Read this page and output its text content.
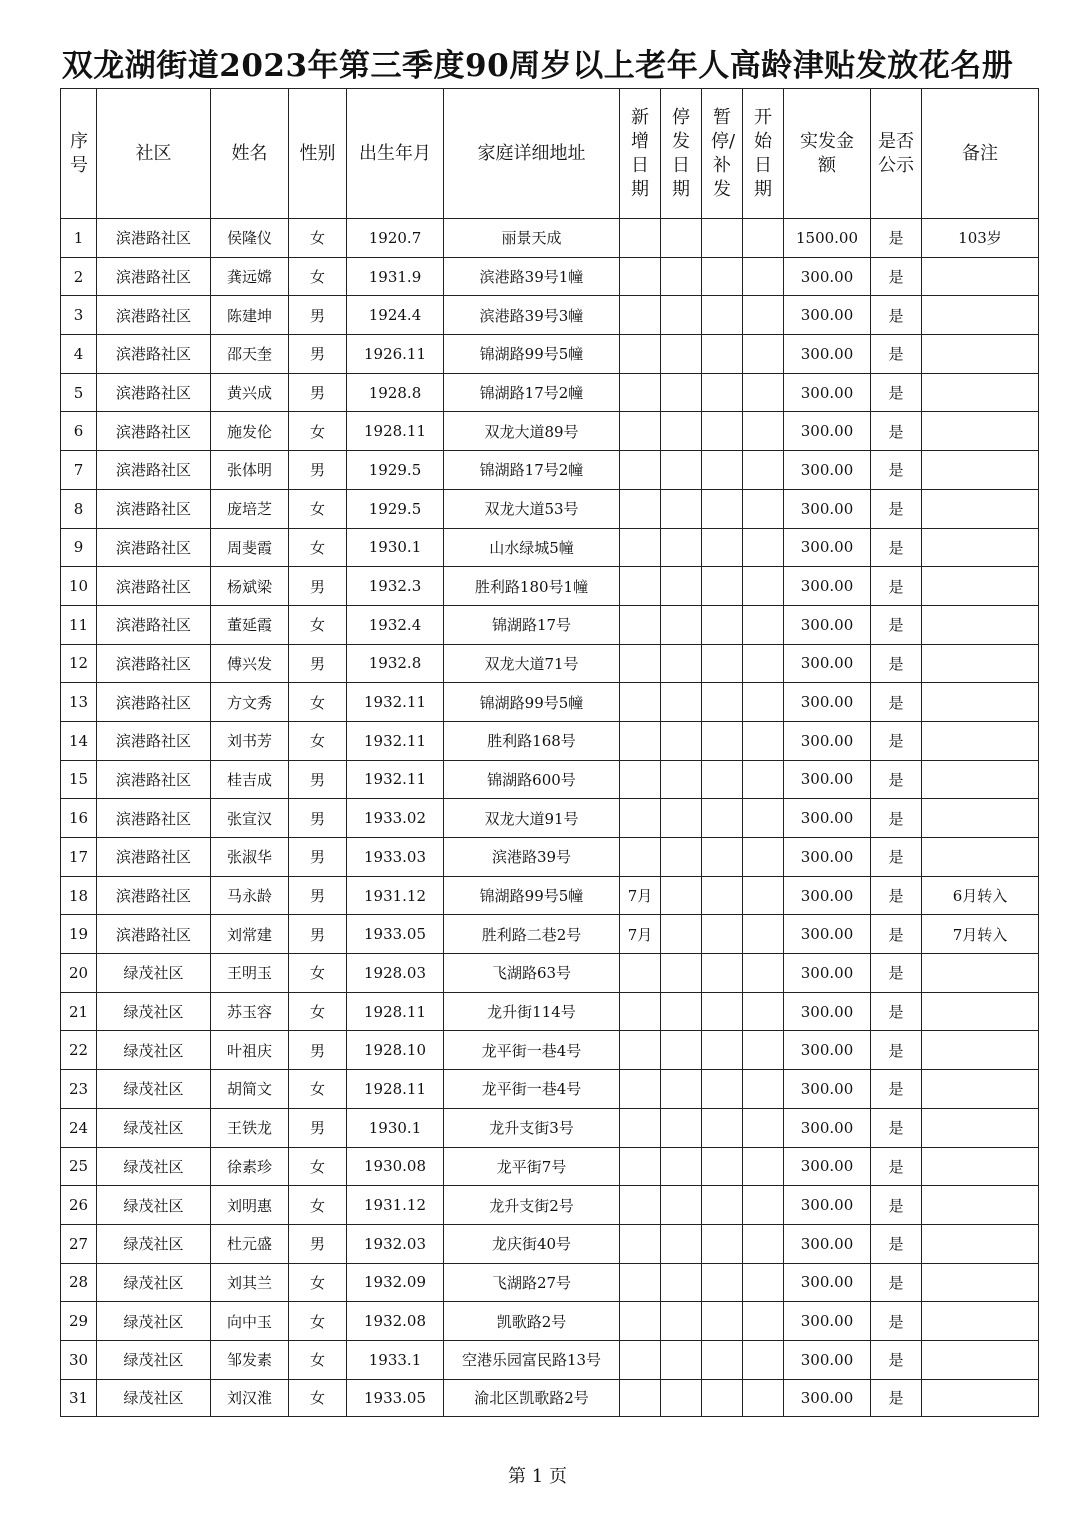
双龙湖街道2023年第三季度90周岁以上老年人高龄津贴发放花名册
序号	社区	姓名	性别	出生年月	家庭详细地址	新增日期	停发日期	暂停/补发	开始日期	实发金额	是否公示	备注
1	滨港路社区	侯隆仪	女	1920.7	丽景天成					1500.00	是	103岁
2	滨港路社区	龚远嫦	女	1931.9	滨港路39号1幢					300.00	是	
3	滨港路社区	陈建坤	男	1924.4	滨港路39号3幢					300.00	是	
4	滨港路社区	邵天奎	男	1926.11	锦湖路99号5幢					300.00	是	
5	滨港路社区	黄兴成	男	1928.8	锦湖路17号2幢					300.00	是	
6	滨港路社区	施发伦	女	1928.11	双龙大道89号					300.00	是	
7	滨港路社区	张体明	男	1929.5	锦湖路17号2幢					300.00	是	
8	滨港路社区	庞培芝	女	1929.5	双龙大道53号					300.00	是	
9	滨港路社区	周斐霞	女	1930.1	山水绿城5幢					300.00	是	
10	滨港路社区	杨斌梁	男	1932.3	胜利路180号1幢					300.00	是	
11	滨港路社区	董延霞	女	1932.4	锦湖路17号					300.00	是	
12	滨港路社区	傅兴发	男	1932.8	双龙大道71号					300.00	是	
13	滨港路社区	方文秀	女	1932.11	锦湖路99号5幢					300.00	是	
14	滨港路社区	刘书芳	女	1932.11	胜利路168号					300.00	是	
15	滨港路社区	桂吉成	男	1932.11	锦湖路600号					300.00	是	
16	滨港路社区	张宣汉	男	1933.02	双龙大道91号					300.00	是	
17	滨港路社区	张淑华	男	1933.03	滨港路39号					300.00	是	
18	滨港路社区	马永龄	男	1931.12	锦湖路99号5幢	7月				300.00	是	6月转入
19	滨港路社区	刘常建	男	1933.05	胜利路二巷2号	7月				300.00	是	7月转入
20	绿茂社区	王明玉	女	1928.03	飞湖路63号					300.00	是	
21	绿茂社区	苏玉容	女	1928.11	龙升街114号					300.00	是	
22	绿茂社区	叶祖庆	男	1928.10	龙平街一巷4号					300.00	是	
23	绿茂社区	胡简文	女	1928.11	龙平街一巷4号					300.00	是	
24	绿茂社区	王铁龙	男	1930.1	龙升支街3号					300.00	是	
25	绿茂社区	徐素珍	女	1930.08	龙平街7号					300.00	是	
26	绿茂社区	刘明惠	女	1931.12	龙升支街2号					300.00	是	
27	绿茂社区	杜元盛	男	1932.03	龙庆街40号					300.00	是	
28	绿茂社区	刘其兰	女	1932.09	飞湖路27号					300.00	是	
29	绿茂社区	向中玉	女	1932.08	凯歌路2号					300.00	是	
30	绿茂社区	邹发素	女	1933.1	空港乐园富民路13号					300.00	是	
31	绿茂社区	刘汉淮	女	1933.05	渝北区凯歌路2号					300.00	是	
第 1 页
